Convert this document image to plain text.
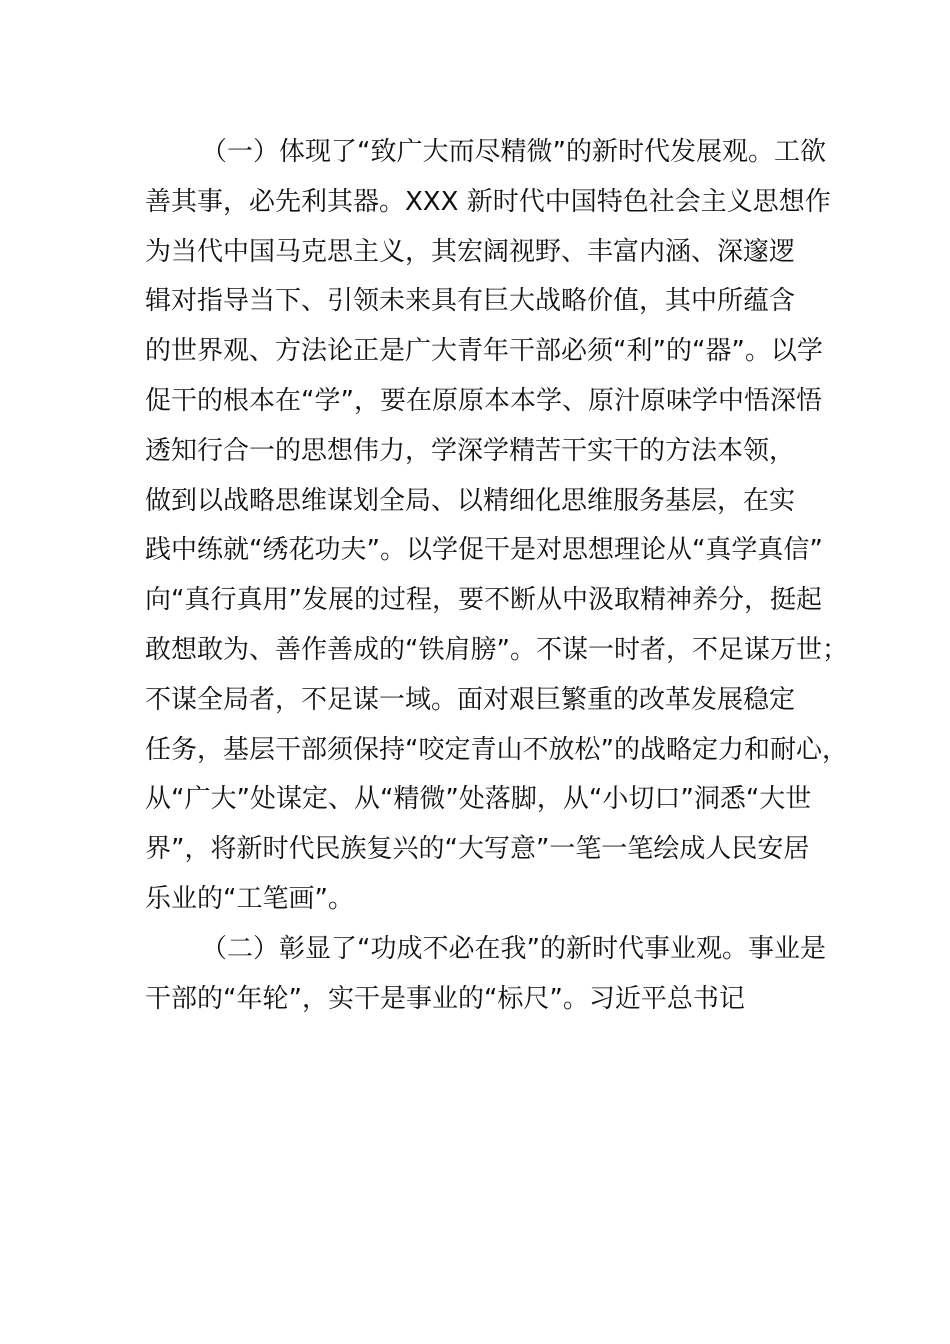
（一）体现了“致广大而尽精微”的新时代发展观。工欲
善其事，必先利其器。XXX 新时代中国特色社会主义思想作
为当代中国马克思主义，其宏阔视野、丰富内涵、深邃逻
辑对指导当下、引领未来具有巨大战略价值，其中所蕴含
的世界观、方法论正是广大青年干部必须“利”的“器”。以学
促干的根本在“学”，要在原原本本学、原汁原味学中悟深悟
透知行合一的思想伟力，学深学精苦干实干的方法本领，
做到以战略思维谋划全局、以精细化思维服务基层，在实
践中练就“绣花功夫”。以学促干是对思想理论从“真学真信”
向“真行真用”发展的过程，要不断从中汲取精神养分，挺起
敢想敢为、善作善成的“铁肩膀”。不谋一时者，不足谋万世；
不谋全局者，不足谋一域。面对艰巨繁重的改革发展稳定
任务，基层干部须保持“咬定青山不放松”的战略定力和耐心，
从“广大”处谋定、从“精微”处落脚，从“小切口”洞悉“大世
界”，将新时代民族复兴的“大写意”一笔一笔绘成人民安居
乐业的“工笔画”。
（二）彰显了“功成不必在我”的新时代事业观。事业是
干部的“年轮”，实干是事业的“标尺”。习近平总书记
